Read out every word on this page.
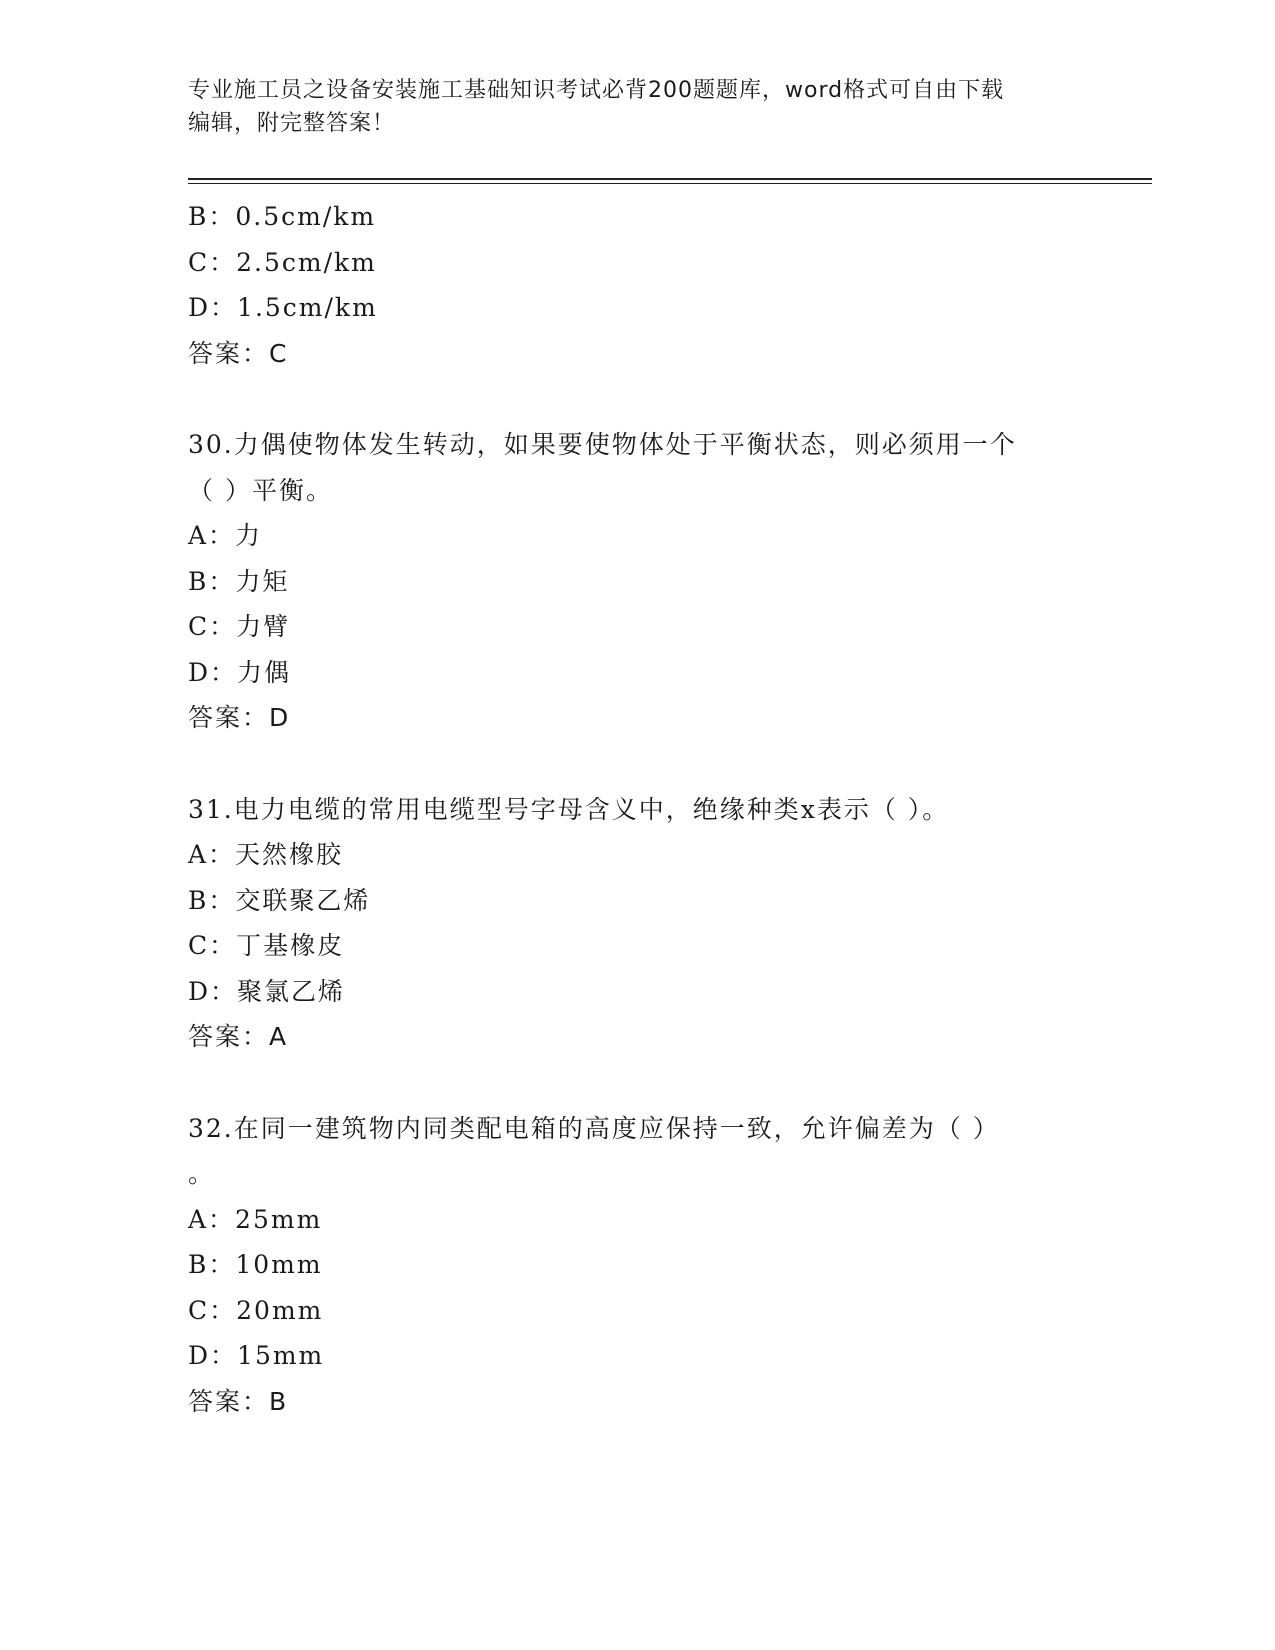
专业施工员之设备安装施工基础知识考试必背200题题库，word格式可自由下载
编辑，附完整答案！
B：0.5cm/km
C：2.5cm/km
D：1.5cm/km
答案：C
30.力偶使物体发生转动，如果要使物体处于平衡状态，则必须用一个
（ ）平衡。
A：力
B：力矩
C：力臂
D：力偶
答案：D
31.电力电缆的常用电缆型号字母含义中，绝缘种类x表示（ ）。
A：天然橡胶
B：交联聚乙烯
C：丁基橡皮
D：聚氯乙烯
答案：A
32.在同一建筑物内同类配电箱的高度应保持一致，允许偏差为（ ）
。
A：25mm
B：10mm
C：20mm
D：15mm
答案：B
